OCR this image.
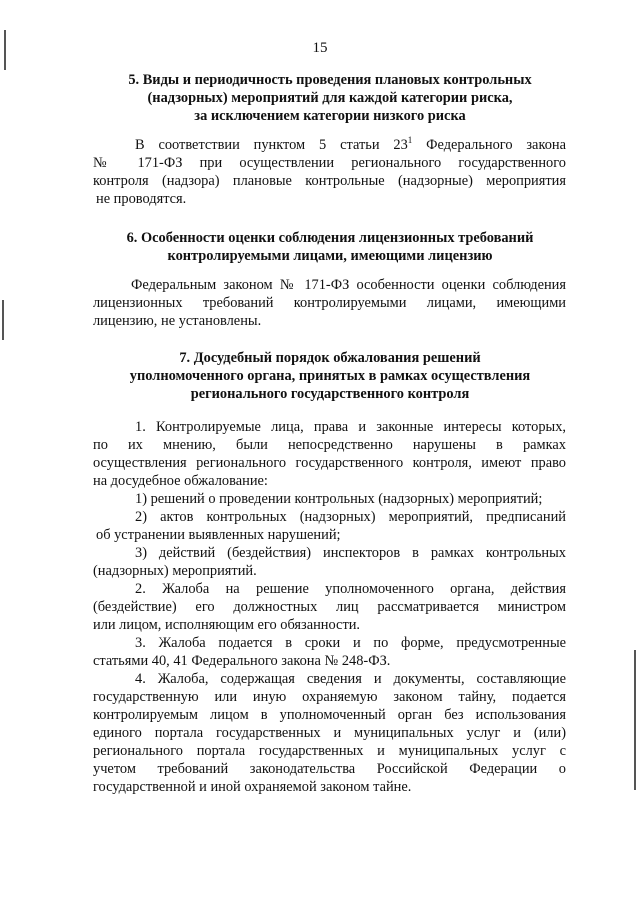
15
5. Виды и периодичность проведения плановых контрольных
(надзорных) мероприятий для каждой категории риска,
за исключением категории низкого риска
В соответствии пунктом 5 статьи $23^1$ Федерального закона
№ 171-ФЗ при осуществлении регионального государственного
контроля (надзора) плановые контрольные (надзорные) мероприятия
не проводятся.
6. Особенности оценки соблюдения лицензионных требований
контролируемыми лицами, имеющими лицензию
Федеральным законом № 171-ФЗ особенности оценки соблюдения
лицензионных требований контролируемыми лицами, имеющими
лицензию, не установлены.
7. Досудебный порядок обжалования решений
уполномоченного органа, принятых в рамках осуществления
регионального государственного контроля
1. Контролируемые лица, права и законные интересы которых,
по их мнению, были непосредственно нарушены в рамках
осуществления регионального государственного контроля, имеют право
на досудебное обжалование:
1) решений о проведении контрольных (надзорных) мероприятий;
2) актов контрольных (надзорных) мероприятий, предписаний
об устранении выявленных нарушений;
3) действий (бездействия) инспекторов в рамках контрольных
(надзорных) мероприятий.
2. Жалоба на решение уполномоченного органа, действия
(бездействие) его должностных лиц рассматривается министром
или лицом, исполняющим его обязанности.
3. Жалоба подается в сроки и по форме, предусмотренные
статьями 40, 41 Федерального закона № 248-ФЗ.
4. Жалоба, содержащая сведения и документы, составляющие
государственную или иную охраняемую законом тайну, подается
контролируемым лицом в уполномоченный орган без использования
единого портала государственных и муниципальных услуг и (или)
регионального портала государственных и муниципальных услуг с
учетом требований законодательства Российской Федерации о
государственной и иной охраняемой законом тайне.
